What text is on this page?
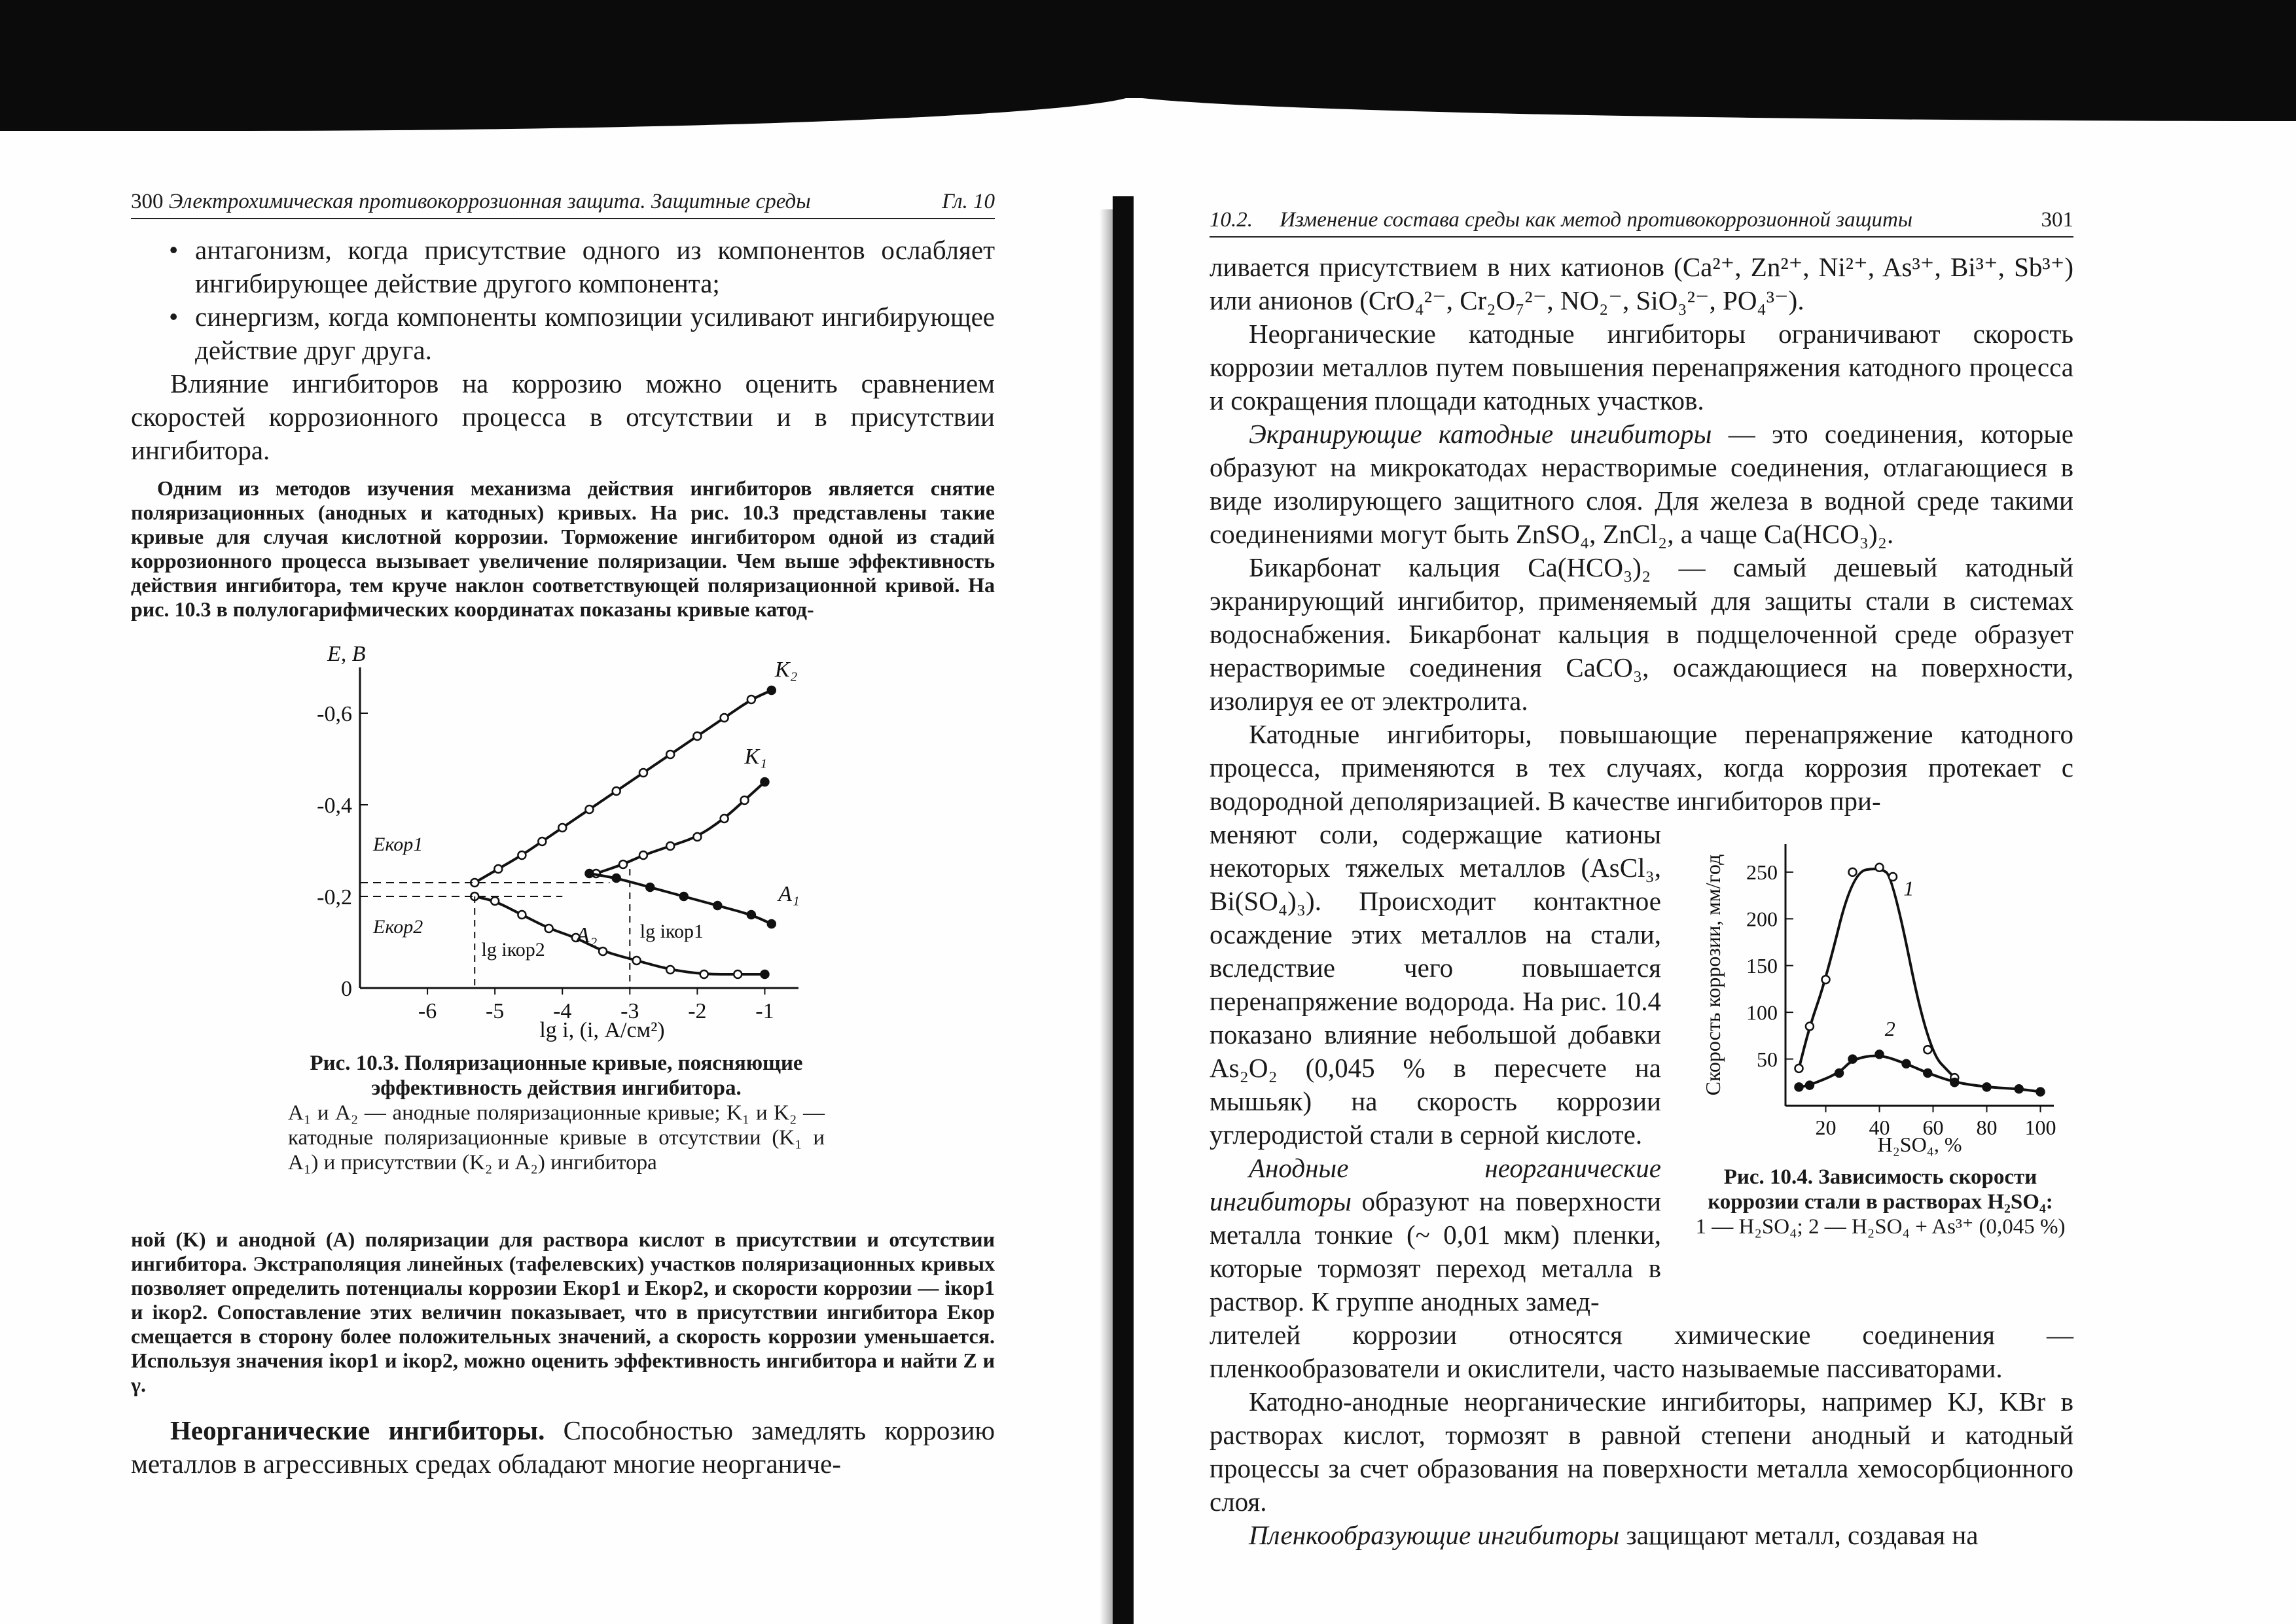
300 Электрохимическая противокоррозионная защита. Защитные среды	Гл. 10
• антагонизм, когда присутствие одного из компонентов ослабляет ингибирующее действие другого компонента;
• синергизм, когда компоненты композиции усиливают ингибирующее действие друг друга.

Влияние ингибиторов на коррозию можно оценить сравнением скоростей коррозионного процесса в отсутствии и в присутствии ингибитора.

Одним из методов изучения механизма действия ингибиторов является снятие поляризационных (анодных и катодных) кривых. На рис. 10.3 представлены такие кривые для случая кислотной коррозии. Торможение ингибитором одной из стадий коррозионного процесса вызывает увеличение поляризации. Чем выше эффективность действия ингибитора, тем круче наклон соответствующей поляризационной кривой. На рис. 10.3 в полулогарифмических координатах показаны кривые катод-

-6 -5 -4 -3 -2 -1
-0,6
-0,4
-0,2
0
E, В
lg i, (i, А/см²)
K₂
K₁
A₁
A₂
Eкор1
Eкор2
lg iкор2
lg iкор1
Рис. 10.3. Поляризационные кривые, поясняющие эффективность действия ингибитора.
A₁ и A₂ — анодные поляризационные кривые; K₁ и K₂ — катодные поляризационные кривые в отсутствии (K₁ и A₁) и присутствии (K₂ и A₂) ингибитора

ной (K) и анодной (A) поляризации для раствора кислот в присутствии и отсутствии ингибитора. Экстраполяция линейных (тафелевских) участков поляризационных кривых позволяет определить потенциалы коррозии Eкор1 и Eкор2, и скорости коррозии — iкор1 и iкор2. Сопоставление этих величин показывает, что в присутствии ингибитора Eкор смещается в сторону более положительных значений, а скорость коррозии уменьшается. Используя значения iкор1 и iкор2, можно оценить эффективность ингибитора и найти Z и γ.

Неорганические ингибиторы. Способностью замедлять коррозию металлов в агрессивных средах обладают многие неорганиче-

10.2. Изменение состава среды как метод противокоррозионной защиты	301

ливается присутствием в них катионов (Ca²⁺, Zn²⁺, Ni²⁺, As³⁺, Bi³⁺, Sb³⁺) или анионов (CrO₄²⁻, Cr₂O₇²⁻, NO₂⁻, SiO₃²⁻, PO₄³⁻).

Неорганические катодные ингибиторы ограничивают скорость коррозии металлов путем повышения перенапряжения катодного процесса и сокращения площади катодных участков.

Экранирующие катодные ингибиторы — это соединения, которые образуют на микрокатодах нерастворимые соединения, отлагающиеся в виде изолирующего защитного слоя. Для железа в водной среде такими соединениями могут быть ZnSO₄, ZnCl₂, а чаще Ca(HCO₃)₂.

Бикарбонат кальция Ca(HCO₃)₂ — самый дешевый катодный экранирующий ингибитор, применяемый для защиты стали в системах водоснабжения. Бикарбонат кальция в подщелоченной среде образует нерастворимые соединения CaCO₃, осаждающиеся на поверхности, изолируя ее от электролита.

Катодные ингибиторы, повышающие перенапряжение катодного процесса, применяются в тех случаях, когда коррозия протекает с водородной деполяризацией. В качестве ингибиторов при-

меняют соли, содержащие катионы некоторых тяжелых металлов (AsCl₃, Bi(SO₄)₃). Происходит контактное осаждение этих металлов на стали, вследствие чего повышается перенапряжение водорода. На рис. 10.4 показано влияние небольшой добавки As₂O₂ (0,045 % в пересчете на мышьяк) на скорость коррозии углеродистой стали в серной кислоте.

Анодные неорганические ингибиторы образуют на поверхности металла тонкие (~ 0,01 мкм) пленки, которые тормозят переход металла в раствор. К группе анодных замед-

20 40 60 80 100
50
100
150
200
250
Скорость коррозии, мм/год
H₂SO₄, %
1
2
Рис. 10.4. Зависимость скорости коррозии стали в растворах H₂SO₄:
1 — H₂SO₄; 2 — H₂SO₄ + As³⁺ (0,045 %)

лителей коррозии относятся химические соединения — пленкообразователи и окислители, часто называемые пассиваторами.

Катодно-анодные неорганические ингибиторы, например KJ, KBr в растворах кислот, тормозят в равной степени анодный и катодный процессы за счет образования на поверхности металла хемосорбционного слоя.

Пленкообразующие ингибиторы защищают металл, создавая на
